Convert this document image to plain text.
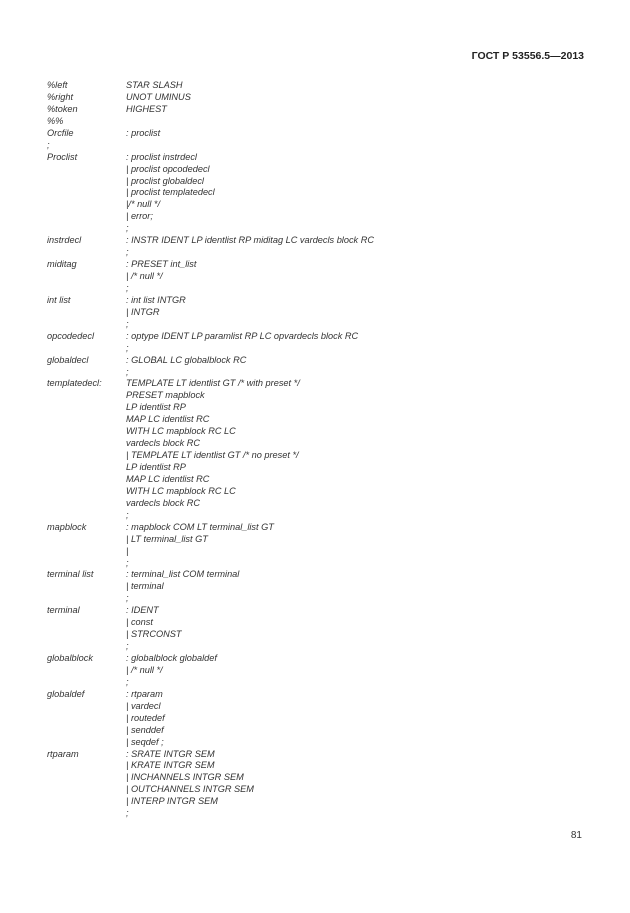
ГОСТ Р 53556.5—2013
%left	STAR SLASH
%right	UNOT UMINUS
%token	HIGHEST
%%
Orcfile	: proclist
;
Proclist	: proclist instrdecl
| proclist opcodedecl
| proclist globaldecl
| proclist templatedecl
|/* null */
| error;
;
instrdecl	: INSTR IDENT LP identlist RP miditag LC vardecls block RC
;
miditag	: PRESET int_list
| /* null */
;
int list	: int list INTGR
| INTGR
;
opcodedecl	: optype IDENT LP paramlist RP LC opvardecls block RC
;
globaldecl	: GLOBAL LC globalblock RC
;
templatedecl:	TEMPLATE LT identlist GT /* with preset */
PRESET mapblock
LP identlist RP
MAP LC identlist RC
WITH LC mapblock RC LC
vardecls block RC
| TEMPLATE LT identlist GT /* no preset */
LP identlist RP
MAP LC identlist RC
WITH LC mapblock RC LC
vardecls block RC
;
mapblock	: mapblock COM LT terminal_list GT
| LT terminal_list GT
|
;
terminal list	: terminal_list COM terminal
| terminal
;
terminal	: IDENT
| const
| STRCONST
;
globalblock	: globalblock globaldef
| /* null */
;
globaldef	: rtparam
| vardecl
| routedef
| senddef
| seqdef ;
rtparam	: SRATE INTGR SEM
| KRATE INTGR SEM
| INCHANNELS INTGR SEM
| OUTCHANNELS INTGR SEM
| INTERP INTGR SEM
;
81
